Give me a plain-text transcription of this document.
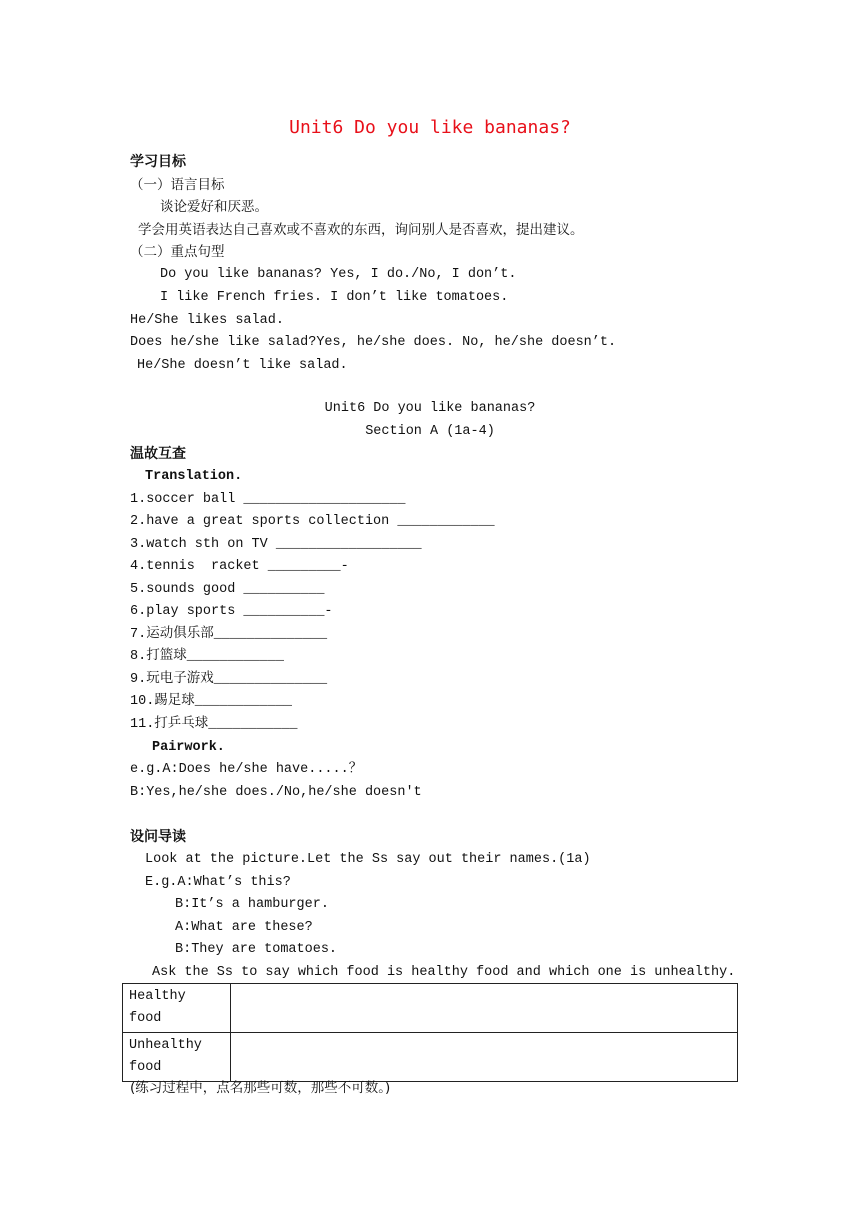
Unit6 Do you like bananas?
学习目标
（一）语言目标
谈论爱好和厌恶。
学会用英语表达自己喜欢或不喜欢的东西，询问别人是否喜欢，提出建议。
（二）重点句型
Do you like bananas? Yes, I do./No, I don’t.
I like French fries. I don’t like tomatoes.
He/She likes salad.
Does he/she like salad?Yes, he/she does. No, he/she doesn’t.
He/She doesn’t like salad.
Unit6 Do you like bananas?
Section A (1a-4)
温故互查
Translation.
1.soccer ball ____________________
2.have a great sports collection ____________
3.watch sth on TV __________________
4.tennis  racket _________-
5.sounds good __________
6.play sports __________-
7.运动俱乐部______________
8.打篮球____________
9.玩电子游戏______________
10.踢足球____________
11.打乒乓球___________
Pairwork.
e.g.A:Does he/she have.....？
B:Yes,he/she does./No,he/she doesn't
设问导读
Look at the picture.Let the Ss say out their names.(1a)
E.g.A:What’s this?
B:It’s a hamburger.
A:What are these?
B:They are tomatoes.
Ask the Ss to say which food is healthy food and which one is unhealthy.
Healthy food	
Unhealthy food	
(练习过程中，点名那些可数，那些不可数。)
